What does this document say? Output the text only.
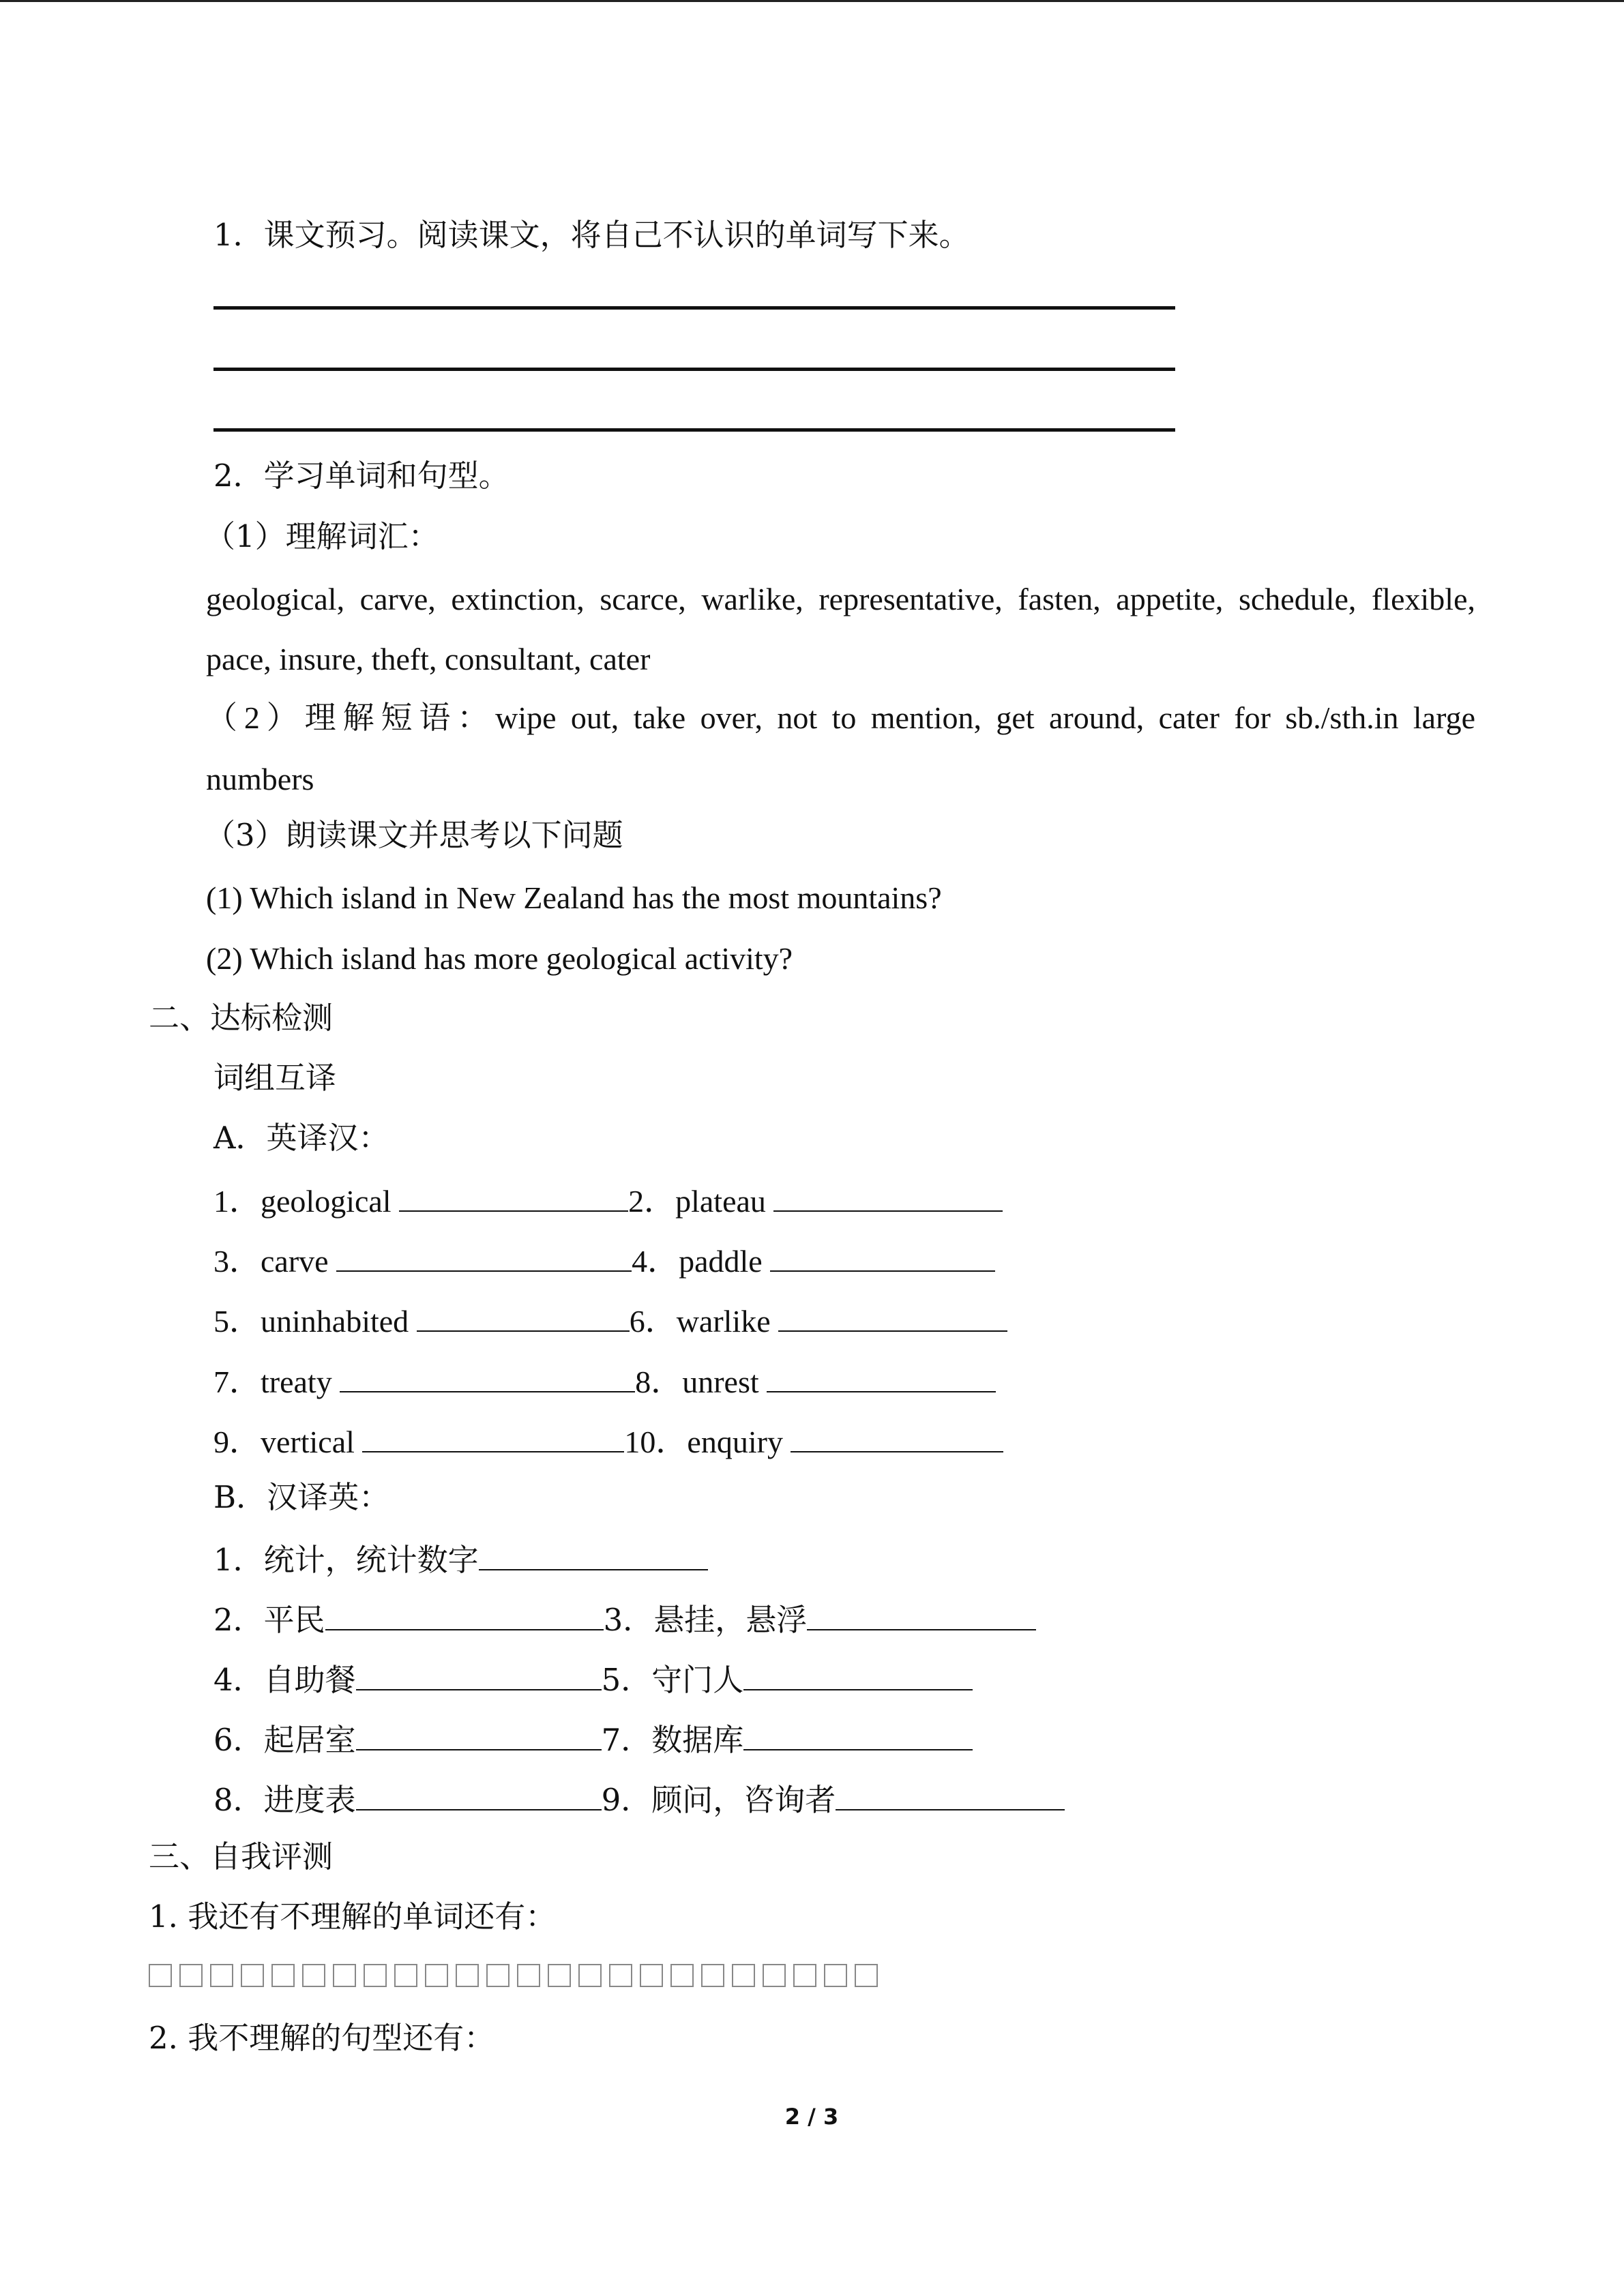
1．课文预习。阅读课文，将自己不认识的单词写下来。
2．学习单词和句型。
（1）理解词汇：
geological, carve, extinction, scarce, warlike, representative, fasten, appetite, schedule, flexible,
pace, insure, theft, consultant, cater
（2）理解短语：wipe out, take over, not to mention, get around, cater for sb./sth.in large
numbers
（3）朗读课文并思考以下问题
(1) Which island in New Zealand has the most mountains?
(2) Which island has more geological activity?
二、达标检测
词组互译
A．英译汉：
1．geological	2．plateau
3．carve	4．paddle
5．uninhabited	6．warlike
7．treaty	8．unrest
9．vertical	10．enquiry
B．汉译英：
1．统计，统计数字
2．平民	3．悬挂，悬浮
4．自助餐	5．守门人
6．起居室	7．数据库
8．进度表	9．顾问，咨询者
三、自我评测
1. 我还有不理解的单词还有：
2. 我不理解的句型还有：
2 / 3
